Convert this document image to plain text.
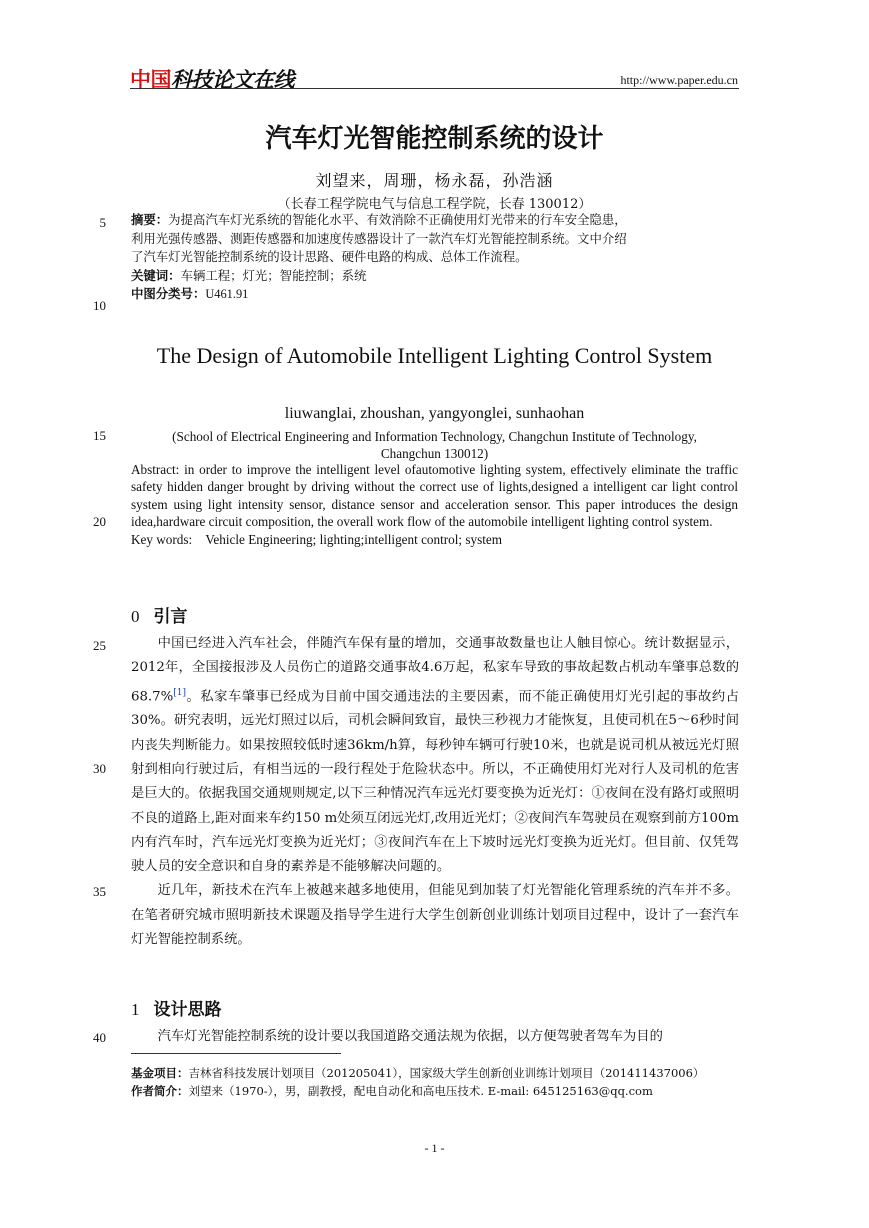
中国科技论文在线	http://www.paper.edu.cn
汽车灯光智能控制系统的设计
刘望来，周珊，杨永磊，孙浩涵
（长春工程学院电气与信息工程学院，长春 130012）
5
10
15
20
25
30
35
40

摘要：为提高汽车灯光系统的智能化水平、有效消除不正确使用灯光带来的行车安全隐患，

利用光强传感器、测距传感器和加速度传感器设计了一款汽车灯光智能控制系统。文中介绍

了汽车灯光智能控制系统的设计思路、硬件电路的构成、总体工作流程。

关键词：车辆工程；灯光；智能控制；系统

中图分类号：U461.91

The Design of Automobile Intelligent Lighting Control System
liuwanglai, zhoushan, yangyonglei, sunhaohan
(School of Electrical Engineering and Information Technology, Changchun Institute of Technology, Changchun 130012)
Abstract: in order to improve the intelligent level ofautomotive lighting system, effectively eliminate the traffic safety hidden danger brought by driving without the correct use of lights,designed a intelligent car light control system using light intensity sensor, distance sensor and acceleration sensor. This paper introduces the design idea,hardware circuit composition, the overall work flow of the automobile intelligent lighting control system.
Key words: Vehicle Engineering; lighting;intelligent control; system
0 引言

中国已经进入汽车社会，伴随汽车保有量的增加，交通事故数量也让人触目惊心。统计数据显示，2012年，全国接报涉及人员伤亡的道路交通事故4.6万起，私家车导致的事故起数占机动车肇事总数的68.7%[1]。私家车肇事已经成为目前中国交通违法的主要因素，而不能正确使用灯光引起的事故约占30%。研究表明，远光灯照过以后，司机会瞬间致盲，最快三秒视力才能恢复，且使司机在5～6秒时间内丧失判断能力。如果按照较低时速36km/h算，每秒钟车辆可行驶10米，也就是说司机从被远光灯照射到相向行驶过后，有相当远的一段行程处于危险状态中。所以，不正确使用灯光对行人及司机的危害是巨大的。依据我国交通规则规定,以下三种情况汽车远光灯要变换为近光灯：①夜间在没有路灯或照明不良的道路上,距对面来车约150 m处须互闭远光灯,改用近光灯；②夜间汽车驾驶员在观察到前方100m内有汽车时，汽车远光灯变换为近光灯；③夜间汽车在上下坡时远光灯变换为近光灯。但目前、仅凭驾驶人员的安全意识和自身的素养是不能够解决问题的。

近几年，新技术在汽车上被越来越多地使用，但能见到加装了灯光智能化管理系统的汽车并不多。在笔者研究城市照明新技术课题及指导学生进行大学生创新创业训练计划项目过程中，设计了一套汽车灯光智能控制系统。

1 设计思路

汽车灯光智能控制系统的设计要以我国道路交通法规为依据，以方便驾驶者驾车为目的

基金项目：吉林省科技发展计划项目（201205041），国家级大学生创新创业训练计划项目（201411437006）
作者简介：刘望来（1970-），男，副教授，配电自动化和高电压技术. E-mail: 645125163@qq.com
- 1 -
